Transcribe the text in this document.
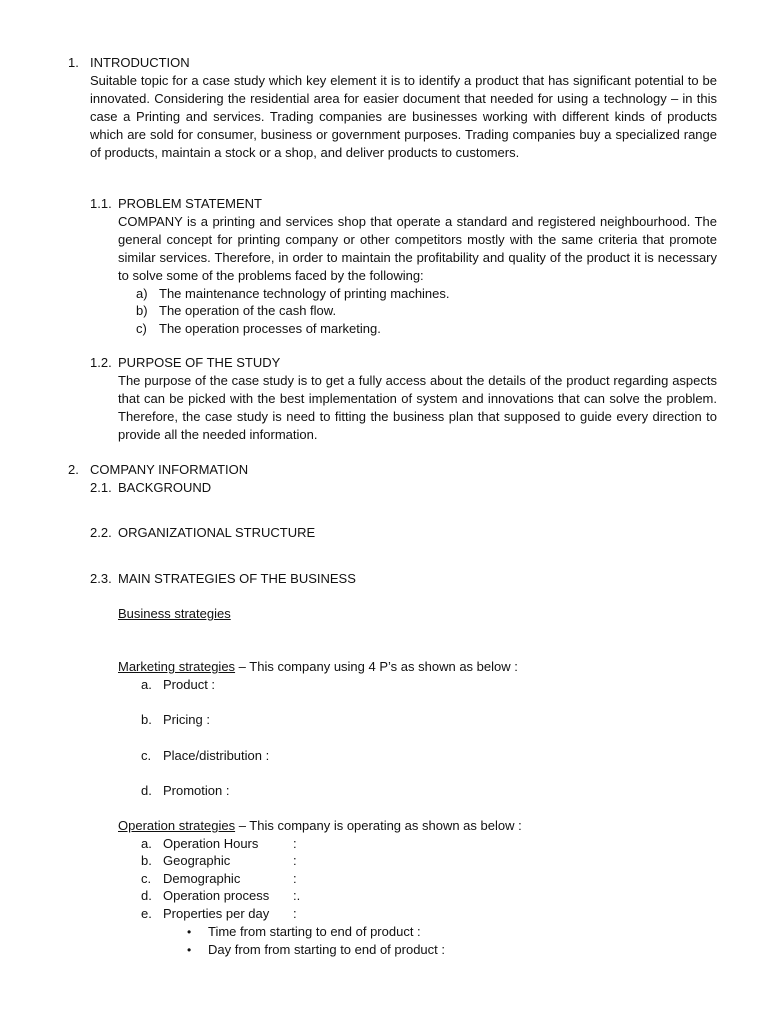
1. INTRODUCTION
Suitable topic for a case study which key element it is to identify a product that has significant potential to be innovated. Considering the residential area for easier document that needed for using a technology – in this case a Printing and services. Trading companies are businesses working with different kinds of products which are sold for consumer, business or government purposes. Trading companies buy a specialized range of products, maintain a stock or a shop, and deliver products to customers.
1.1. PROBLEM STATEMENT
COMPANY is a printing and services shop that operate a standard and registered neighbourhood. The general concept for printing company or other competitors mostly with the same criteria that promote similar services. Therefore, in order to maintain the profitability and quality of the product it is necessary to solve some of the problems faced by the following:
a) The maintenance technology of printing machines.
b) The operation of the cash flow.
c) The operation processes of marketing.
1.2. PURPOSE OF THE STUDY
The purpose of the case study is to get a fully access about the details of the product regarding aspects that can be picked with the best implementation of system and innovations that can solve the problem. Therefore, the case study is need to fitting the business plan that supposed to guide every direction to provide all the needed information.
2. COMPANY INFORMATION
2.1. BACKGROUND
2.2. ORGANIZATIONAL STRUCTURE
2.3. MAIN STRATEGIES OF THE BUSINESS
Business strategies
Marketing strategies – This company using 4 P’s as shown as below :
a. Product :
b. Pricing :
c. Place/distribution :
d. Promotion :
Operation strategies – This company is operating as shown as below :
a. Operation Hours	:
b. Geographic	:
c. Demographic	:
d. Operation process :.
e. Properties per day :
• Time from starting to end of product :
• Day from from starting to end of product :
